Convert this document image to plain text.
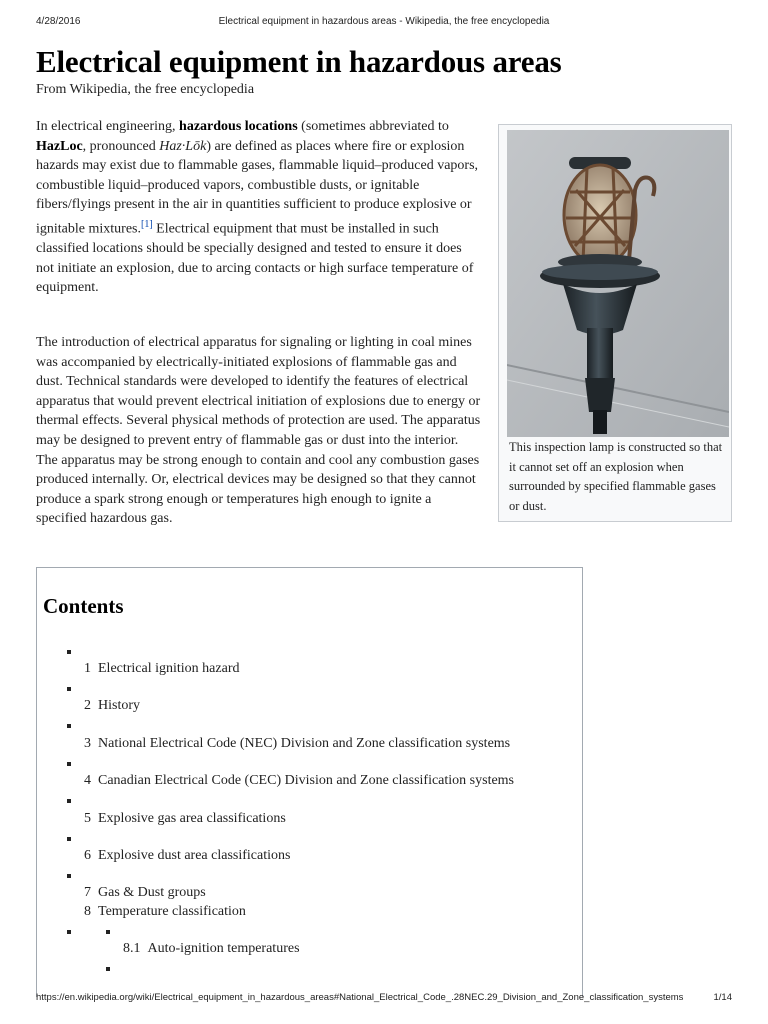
4/28/2016	Electrical equipment in hazardous areas - Wikipedia, the free encyclopedia
Electrical equipment in hazardous areas
From Wikipedia, the free encyclopedia

In electrical engineering, hazardous locations (sometimes abbreviated to HazLoc, pronounced Haz·Lōk) are defined as places where fire or explosion hazards may exist due to flammable gases, flammable liquid–produced vapors, combustible liquid–produced vapors, combustible dusts, or ignitable fibers/flyings present in the air in quantities sufficient to produce explosive or ignitable mixtures.[1] Electrical equipment that must be installed in such classified locations should be specially designed and tested to ensure it does not initiate an explosion, due to arcing contacts or high surface temperature of equipment.

The introduction of electrical apparatus for signaling or lighting in coal mines was accompanied by electrically-initiated explosions of flammable gas and dust. Technical standards were developed to identify the features of electrical apparatus that would prevent electrical initiation of explosions due to energy or thermal effects. Several physical methods of protection are used. The apparatus may be designed to prevent entry of flammable gas or dust into the interior. The apparatus may be strong enough to contain and cool any combustion gases produced internally. Or, electrical devices may be designed so that they cannot produce a spark strong enough or temperatures high enough to ignite a specified hazardous gas.

This inspection lamp is constructed so that it cannot set off an explosion when surrounded by specified flammable gases or dust.
Contents
1 Electrical ignition hazard
2 History
3 National Electrical Code (NEC) Division and Zone classification systems
4 Canadian Electrical Code (CEC) Division and Zone classification systems
5 Explosive gas area classifications
6 Explosive dust area classifications
7 Gas & Dust groups
8 Temperature classification
8.1 Auto-ignition temperatures
https://en.wikipedia.org/wiki/Electrical_equipment_in_hazardous_areas#National_Electrical_Code_.28NEC.29_Division_and_Zone_classification_systems	1/14
